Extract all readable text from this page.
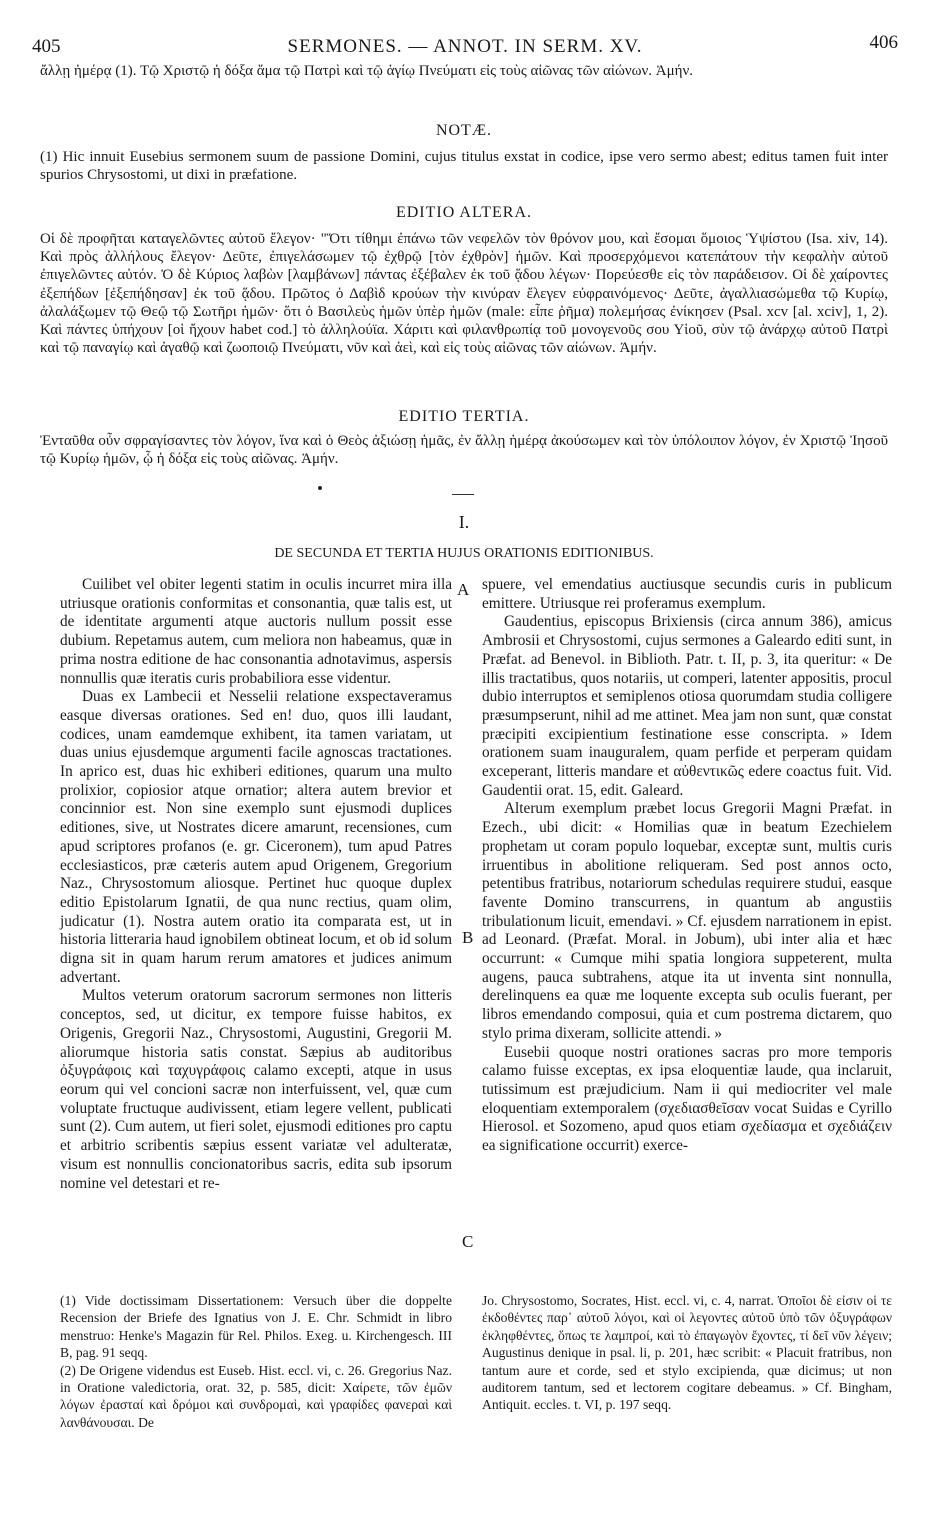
405	SERMONES. — ANNOT. IN SERM. XV.	406
ἄλλῃ ἡμέρᾳ (1). Τῷ Χριστῷ ἡ δόξα ἅμα τῷ Πατρὶ καὶ τῷ ἁγίῳ Πνεύματι εἰς τοὺς αἰῶνας τῶν αἰώνων. Ἀμήν.
NOTÆ.
(1) Hic innuit Eusebius sermonem suum de passione Domini, cujus titulus exstat in codice, ipse vero sermo abest; editus tamen fuit inter spurios Chrysostomi, ut dixi in præfatione.
EDITIO ALTERA.
Οἱ δὲ προφῆται καταγελῶντες αὐτοῦ ἔλεγον· "Ὅτι τίθημι ἐπάνω τῶν νεφελῶν τὸν θρόνον μου, καὶ ἔσομαι ὅμοιος Ὑψίστου (Isa. xiv, 14). Καὶ πρὸς ἀλλήλους ἔλεγον· Δεῦτε, ἐπιγελάσωμεν τῷ ἐχθρῷ [τὸν ἐχθρὸν] ἡμῶν. Καὶ προσερχόμενοι κατεπάτουν τὴν κεφαλὴν αὐτοῦ ἐπιγελῶντες αὐτόν. Ὁ δὲ Κύριος λαβὼν [λαμβάνων] πάντας ἐξέβαλεν ἐκ τοῦ ᾅδου λέγων· Πορεύεσθε εἰς τὸν παράδεισον. Οἱ δὲ χαίροντες ἐξεπήδων [ἐξεπήδησαν] ἐκ τοῦ ᾅδου. Πρῶτος ὁ Δαβὶδ κρούων τὴν κινύραν ἔλεγεν εὐφραινόμενος· Δεῦτε, ἀγαλλιασώμεθα τῷ Κυρίῳ, ἀλαλάξωμεν τῷ Θεῷ τῷ Σωτῆρι ἡμῶν· ὅτι ὁ Βασιλεὺς ἡμῶν ὑπὲρ ἡμῶν (male: εἶπε ῥῆμα) πολεμήσας ἐνίκησεν (Psal. xcv [al. xciv], 1, 2). Καὶ πάντες ὑπήχουν [οἱ ἤχουν habet cod.] τὸ ἀλληλούϊα. Χάριτι καὶ φιλανθρωπίᾳ τοῦ μονογενοῦς σου Υἱοῦ, σὺν τῷ ἀνάρχῳ αὐτοῦ Πατρὶ καὶ τῷ παναγίῳ καὶ ἀγαθῷ καὶ ζωοποιῷ Πνεύματι, νῦν καὶ ἀεὶ, καὶ εἰς τοὺς αἰῶνας τῶν αἰώνων. Ἀμήν.
EDITIO TERTIA.
Ἐνταῦθα οὖν σφραγίσαντες τὸν λόγον, ἵνα καὶ ὁ Θεὸς ἀξιώσῃ ἡμᾶς, ἐν ἄλλῃ ἡμέρᾳ ἀκούσωμεν καὶ τὸν ὑπόλοιπον λόγον, ἐν Χριστῷ Ἰησοῦ τῷ Κυρίῳ ἡμῶν, ᾧ ἡ δόξα εἰς τοὺς αἰῶνας. Ἀμήν.
I.
DE SECUNDA ET TERTIA HUJUS ORATIONIS EDITIONIBUS.

Cuilibet vel obiter legenti statim in oculis incurret mira illa utriusque orationis conformitas et consonantia, quæ talis est, ut de identitate argumenti atque auctoris nullum possit esse dubium. Repetamus autem, cum meliora non habeamus, quæ in prima nostra editione de hac consonantia adnotavimus, aspersis nonnullis quæ iteratis curis probabiliora esse videntur.

Duas ex Lambecii et Nesselii relatione exspectaveramus easque diversas orationes. Sed en! duo, quos illi laudant, codices, unam eamdemque exhibent, ita tamen variatam, ut duas unius ejusdemque argumenti facile agnoscas tractationes. In aprico est, duas hic exhiberi editiones, quarum una multo prolixior, copiosior atque ornatior; altera autem brevior et concinnior est. Non sine exemplo sunt ejusmodi duplices editiones, sive, ut Nostrates dicere amarunt, recensiones, cum apud scriptores profanos (e. gr. Ciceronem), tum apud Patres ecclesiasticos, præ cæteris autem apud Origenem, Gregorium Naz., Chrysostomum aliosque. Pertinet huc quoque duplex editio Epistolarum Ignatii, de qua nunc rectius, quam olim, judicatur (1). Nostra autem oratio ita comparata est, ut in historia litteraria haud ignobilem obtineat locum, et ob id solum digna sit in quam harum rerum amatores et judices animum advertant.

Multos veterum oratorum sacrorum sermones non litteris conceptos, sed, ut dicitur, ex tempore fuisse habitos, ex Origenis, Gregorii Naz., Chrysostomi, Augustini, Gregorii M. aliorumque historia satis constat. Sæpius ab auditoribus ὀξυγράφοις καὶ ταχυγράφοις calamo excepti, atque in usus eorum qui vel concioni sacræ non interfuissent, vel, quæ cum voluptate fructuque audivissent, etiam legere vellent, publicati sunt (2). Cum autem, ut fieri solet, ejusmodi editiones pro captu et arbitrio scribentis sæpius essent variatæ vel adulteratæ, visum est nonnullis concionatoribus sacris, edita sub ipsorum nomine vel detestari et re-

A
B
C

spuere, vel emendatius auctiusque secundis curis in publicum emittere. Utriusque rei proferamus exemplum.

Gaudentius, episcopus Brixiensis (circa annum 386), amicus Ambrosii et Chrysostomi, cujus sermones a Galeardo editi sunt, in Præfat. ad Benevol. in Biblioth. Patr. t. II, p. 3, ita queritur: « De illis tractatibus, quos notariis, ut comperi, latenter appositis, procul dubio interruptos et semiplenos otiosa quorumdam studia colligere præsumpserunt, nihil ad me attinet. Mea jam non sunt, quæ constat præcipiti excipientium festinatione esse conscripta. » Idem orationem suam inauguralem, quam perfide et perperam quidam exceperant, litteris mandare et αὐθεντικῶς edere coactus fuit. Vid. Gaudentii orat. 15, edit. Galeard.

Alterum exemplum præbet locus Gregorii Magni Præfat. in Ezech., ubi dicit: « Homilias quæ in beatum Ezechielem prophetam ut coram populo loquebar, exceptæ sunt, multis curis irruentibus in abolitione reliqueram. Sed post annos octo, petentibus fratribus, notariorum schedulas requirere studui, easque favente Domino transcurrens, in quantum ab angustiis tribulationum licuit, emendavi. » Cf. ejusdem narrationem in epist. ad Leonard. (Præfat. Moral. in Jobum), ubi inter alia et hæc occurrunt: « Cumque mihi spatia longiora suppeterent, multa augens, pauca subtrahens, atque ita ut inventa sint nonnulla, derelinquens ea quæ me loquente excepta sub oculis fuerant, per libros emendando composui, quia et cum postrema dictarem, quo stylo prima dixeram, sollicite attendi. »

Eusebii quoque nostri orationes sacras pro more temporis calamo fuisse exceptas, ex ipsa eloquentiæ laude, qua inclaruit, tutissimum est præjudicium. Nam ii qui mediocriter vel male eloquentiam extemporalem (σχεδιασθεῖσαν vocat Suidas e Cyrillo Hierosol. et Sozomeno, apud quos etiam σχεδίασμα et σχεδιάζειν ea significatione occurrit) exerce-

(1) Vide doctissimam Dissertationem: Versuch über die doppelte Recension der Briefe des Ignatius von J. E. Chr. Schmidt in libro menstruo: Henke's Magazin für Rel. Philos. Exeg. u. Kirchengesch. III B, pag. 91 seqq.

(2) De Origene videndus est Euseb. Hist. eccl. vi, c. 26. Gregorius Naz. in Oratione valedictoria, orat. 32, p. 585, dicit: Χαίρετε, τῶν ἐμῶν λόγων ἐρασταί καὶ δρόμοι καὶ συνδρομαὶ, καὶ γραφίδες φανεραὶ καὶ λανθάνουσαι. De

Jo. Chrysostomo, Socrates, Hist. eccl. vi, c. 4, narrat. Ὁποῖοι δὲ εἰσιν οἱ τε ἐκδοθέντες παρ᾽ αὐτοῦ λόγοι, καὶ οἱ λεγοντες αὐτοῦ ὑπὸ τῶν ὀξυγράφων ἐκληφθέντες, ὅπως τε λαμπροί, καὶ τὸ ἐπαγωγὸν ἔχοντες, τί δεῖ νῦν λέγειν; Augustinus denique in psal. li, p. 201, hæc scribit: « Placuit fratribus, non tantum aure et corde, sed et stylo excipienda, quæ dicimus; ut non auditorem tantum, sed et lectorem cogitare debeamus. » Cf. Bingham, Antiquit. eccles. t. VI, p. 197 seqq.
